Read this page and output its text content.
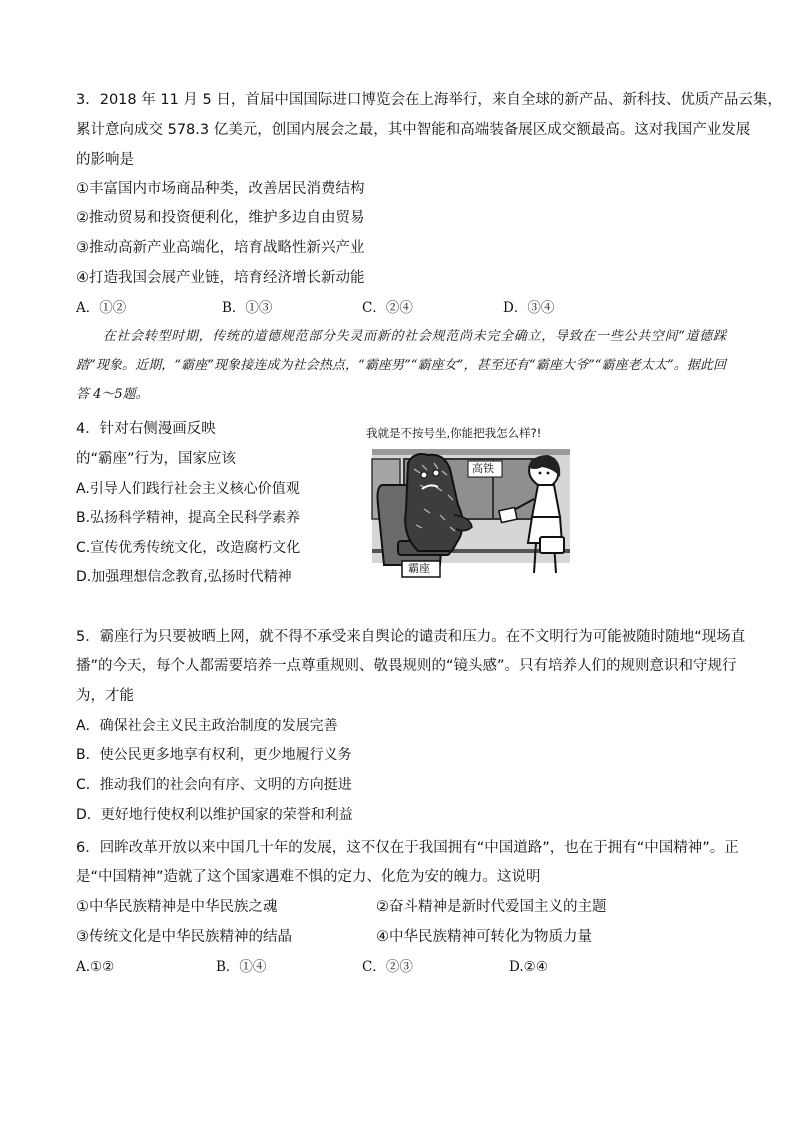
3．2018 年 11 月 5 日，首届中国国际进口博览会在上海举行，来自全球的新产品、新科技、优质产品云集，
累计意向成交 578.3 亿美元，创国内展会之最，其中智能和高端装备展区成交额最高。这对我国产业发展
的影响是
①丰富国内市场商品种类，改善居民消费结构
②推动贸易和投资便利化，维护多边自由贸易
③推动高新产业高端化，培育战略性新兴产业
④打造我国会展产业链，培育经济增长新动能
A．①②	B．①③	C．②④	D．③④
在社会转型时期，传统的道德规范部分失灵而新的社会规范尚未完全确立，导致在一些公共空间“道德踩踏”现象。近期，“霸座”现象接连成为社会热点，“霸座男”“霸座女”，甚至还有“霸座大爷”“霸座老太太”。据此回答 4～5题。
4．针对右侧漫画反映
的“霸座”行为，国家应该
A.引导人们践行社会主义核心价值观
B.弘扬科学精神，提高全民科学素养
C.宣传优秀传统文化，改造腐朽文化
D.加强理想信念教育,弘扬时代精神
我就是不按号坐,你能把我怎么样?!
高铁
霸座
5．霸座行为只要被晒上网，就不得不承受来自舆论的谴责和压力。在不文明行为可能被随时随地“现场直
播”的今天，每个人都需要培养一点尊重规则、敬畏规则的“镜头感”。只有培养人们的规则意识和守规行
为，才能
A．确保社会主义民主政治制度的发展完善
B．使公民更多地享有权利，更少地履行义务
C．推动我们的社会向有序、文明的方向挺进
D．更好地行使权利以维护国家的荣誉和利益
6．回眸改革开放以来中国几十年的发展，这不仅在于我国拥有“中国道路”，也在于拥有“中国精神”。正
是“中国精神”造就了这个国家遇难不惧的定力、化危为安的魄力。这说明
①中华民族精神是中华民族之魂	②奋斗精神是新时代爱国主义的主题
③传统文化是中华民族精神的结晶	④中华民族精神可转化为物质力量
A.①②	B．①④	C．②③	D.②④
